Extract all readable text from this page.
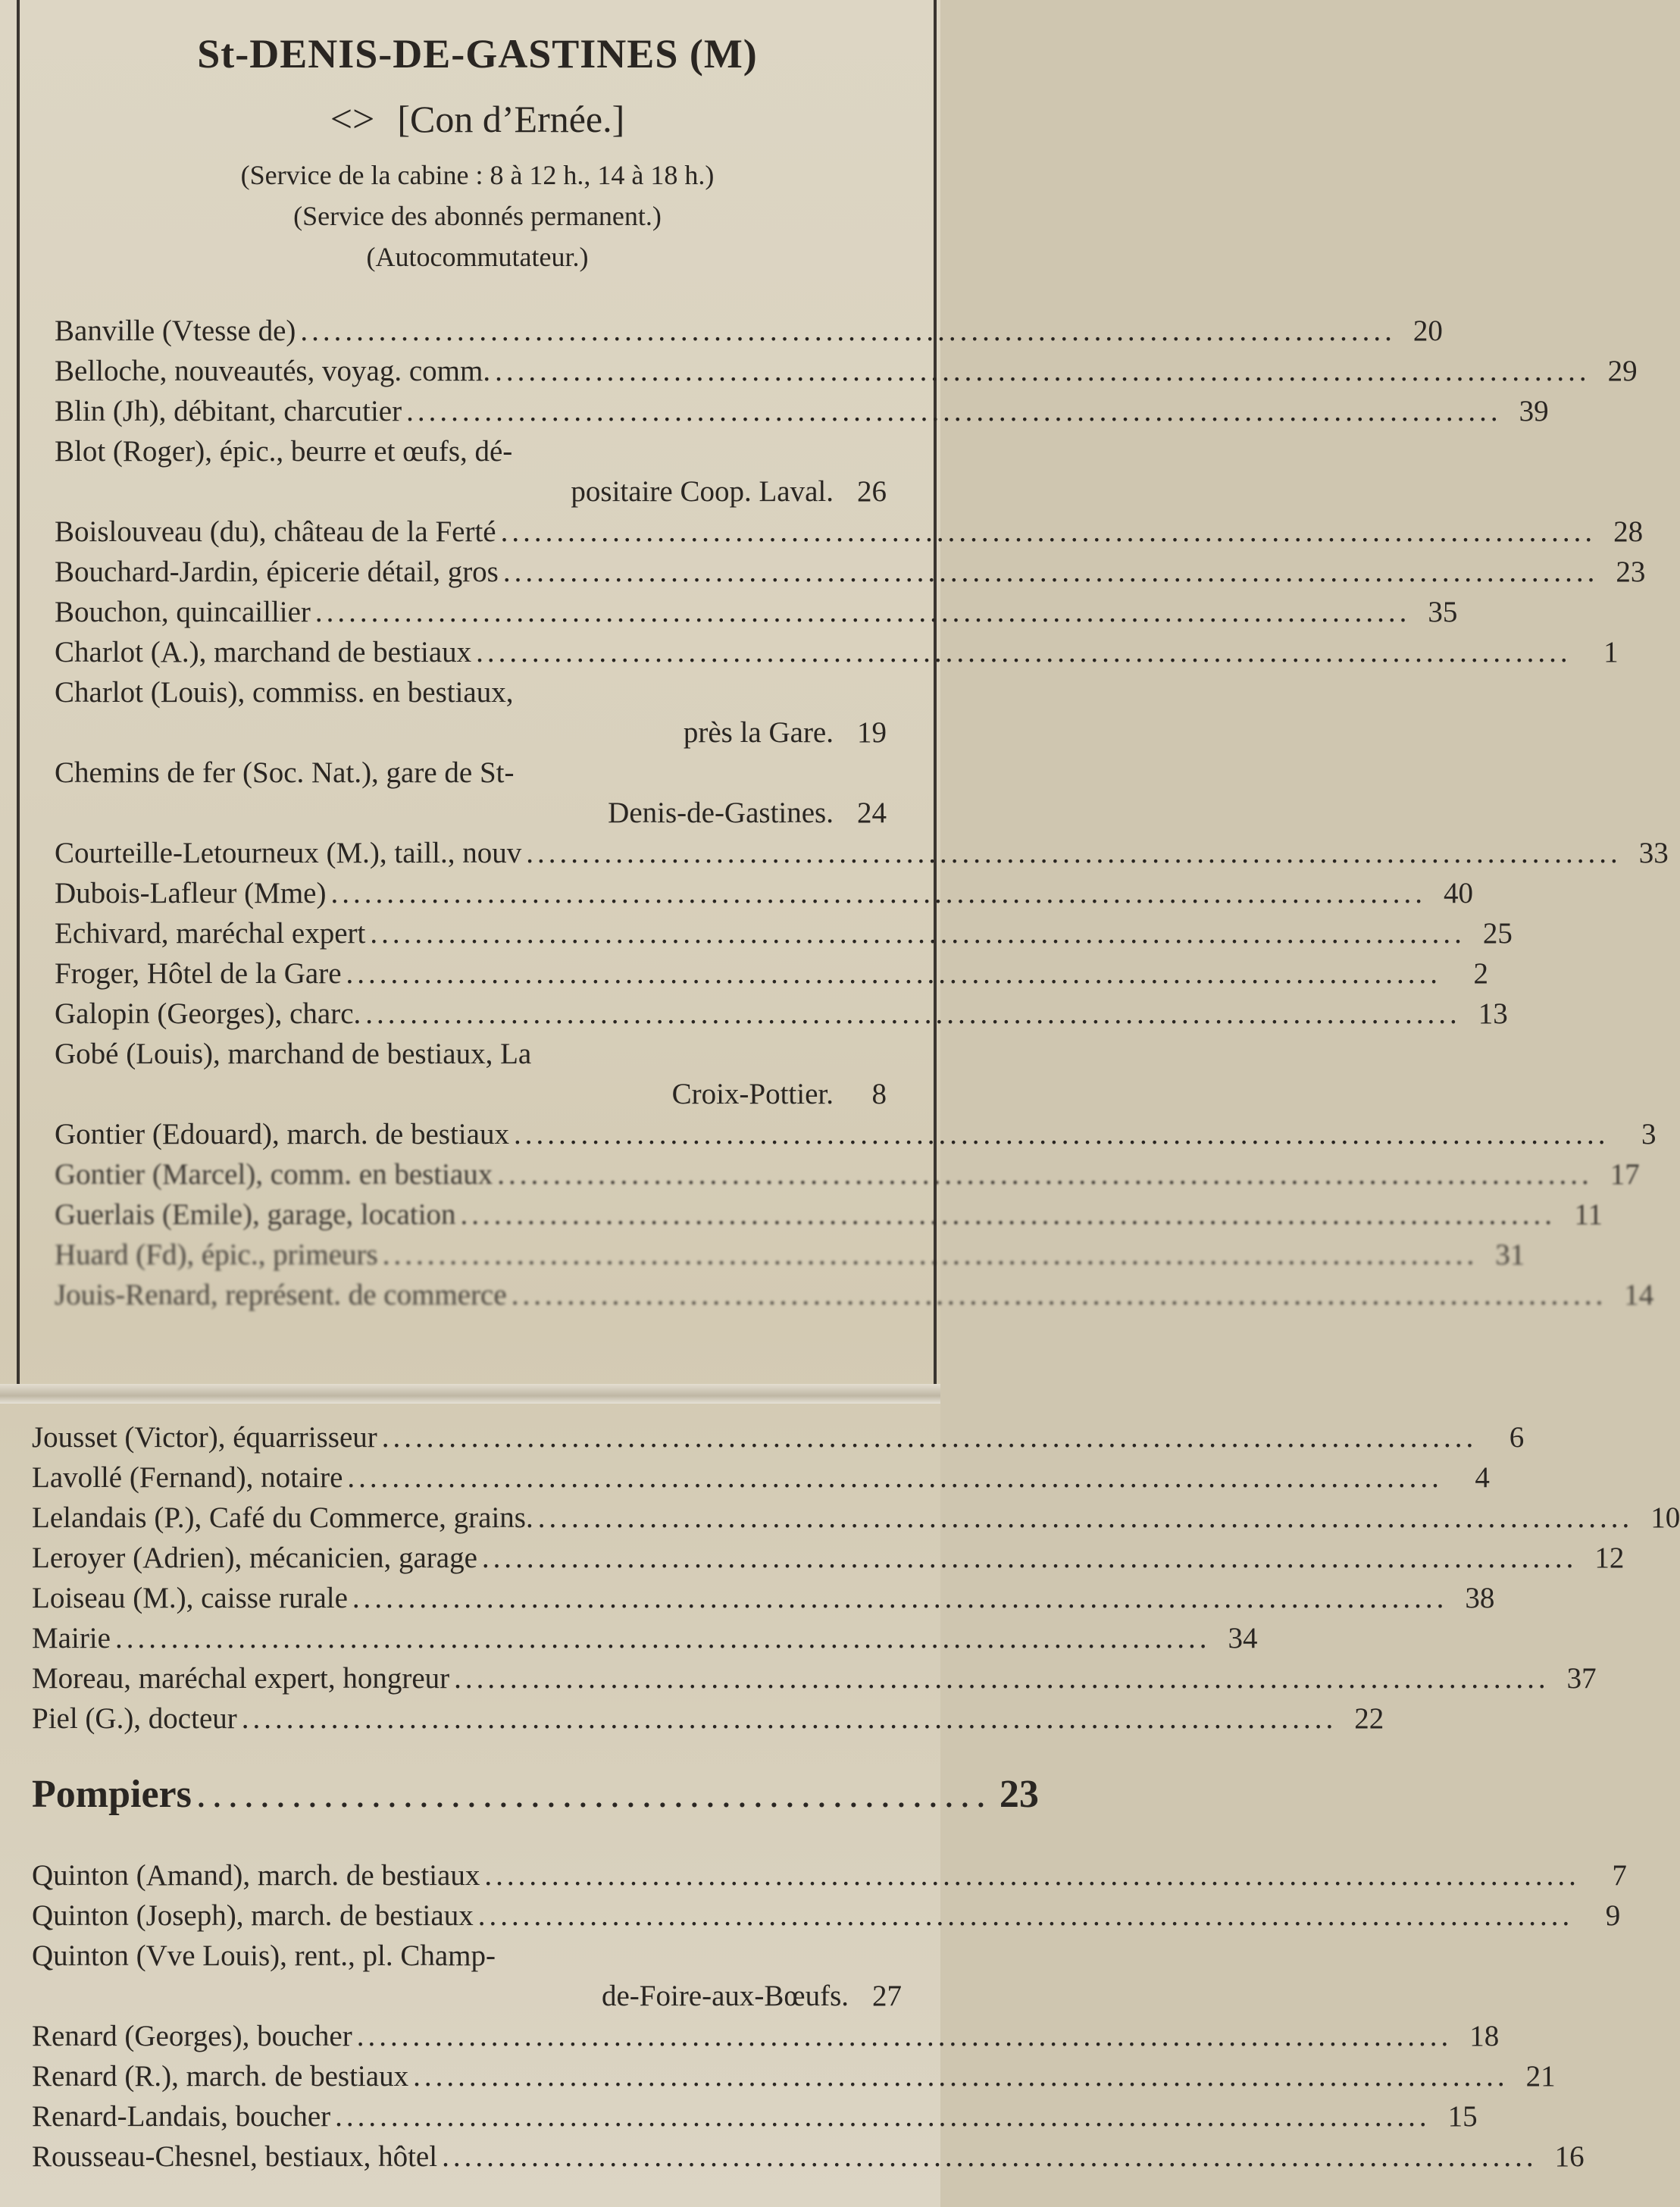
St-DENIS-DE-GASTINES (M)
<> [Con d’Ernée.]
(Service de la cabine : 8 à 12 h., 14 à 18 h.)
(Service des abonnés permanent.)
(Autocommutateur.)
Banville (Vtesse de) .................................................................................................. 20
Belloche, nouveautés, voyag. comm. .................................................................................................. 29
Blin (Jh), débitant, charcutier .................................................................................................. 39
Blot (Roger), épic., beurre et œufs, dé-
positaire Coop. Laval. 26
Boislouveau (du), château de la Ferté .................................................................................................. 28
Bouchard-Jardin, épicerie détail, gros .................................................................................................. 23
Bouchon, quincaillier .................................................................................................. 35
Charlot (A.), marchand de bestiaux ..................................................................................................	1
Charlot (Louis), commiss. en bestiaux,
près la Gare. 19
Chemins de fer (Soc. Nat.), gare de St-
Denis-de-Gastines. 24
Courteille-Letourneux (M.), taill., nouv .................................................................................................. 33
Dubois-Lafleur (Mme) .................................................................................................. 40
Echivard, maréchal expert .................................................................................................. 25
Froger, Hôtel de la Gare ..................................................................................................	2
Galopin (Georges), charc. .................................................................................................. 13
Gobé (Louis), marchand de bestiaux, La
Croix-Pottier.	8
Gontier (Edouard), march. de bestiaux ..................................................................................................	3
Gontier (Marcel), comm. en bestiaux .................................................................................................. 17
Guerlais (Emile), garage, location .................................................................................................. 11
Huard (Fd), épic., primeurs .................................................................................................. 31
Jouis-Renard, représent. de commerce .................................................................................................. 14
Jousset (Victor), équarrisseur ..................................................................................................	6
Lavollé (Fernand), notaire ..................................................................................................	4
Lelandais (P.), Café du Commerce, grains. .................................................................................................. 10
Leroyer (Adrien), mécanicien, garage .................................................................................................. 12
Loiseau (M.), caisse rurale .................................................................................................. 38
Mairie .................................................................................................. 34
Moreau, maréchal expert, hongreur .................................................................................................. 37
Piel (G.), docteur .................................................................................................. 22
Pompiers .................................................. 23
Quinton (Amand), march. de bestiaux ..................................................................................................	7
Quinton (Joseph), march. de bestiaux ..................................................................................................	9
Quinton (Vve Louis), rent., pl. Champ-
de-Foire-aux-Bœufs. 27
Renard (Georges), boucher .................................................................................................. 18
Renard (R.), march. de bestiaux .................................................................................................. 21
Renard-Landais, boucher .................................................................................................. 15
Rousseau-Chesnel, bestiaux, hôtel .................................................................................................. 16
